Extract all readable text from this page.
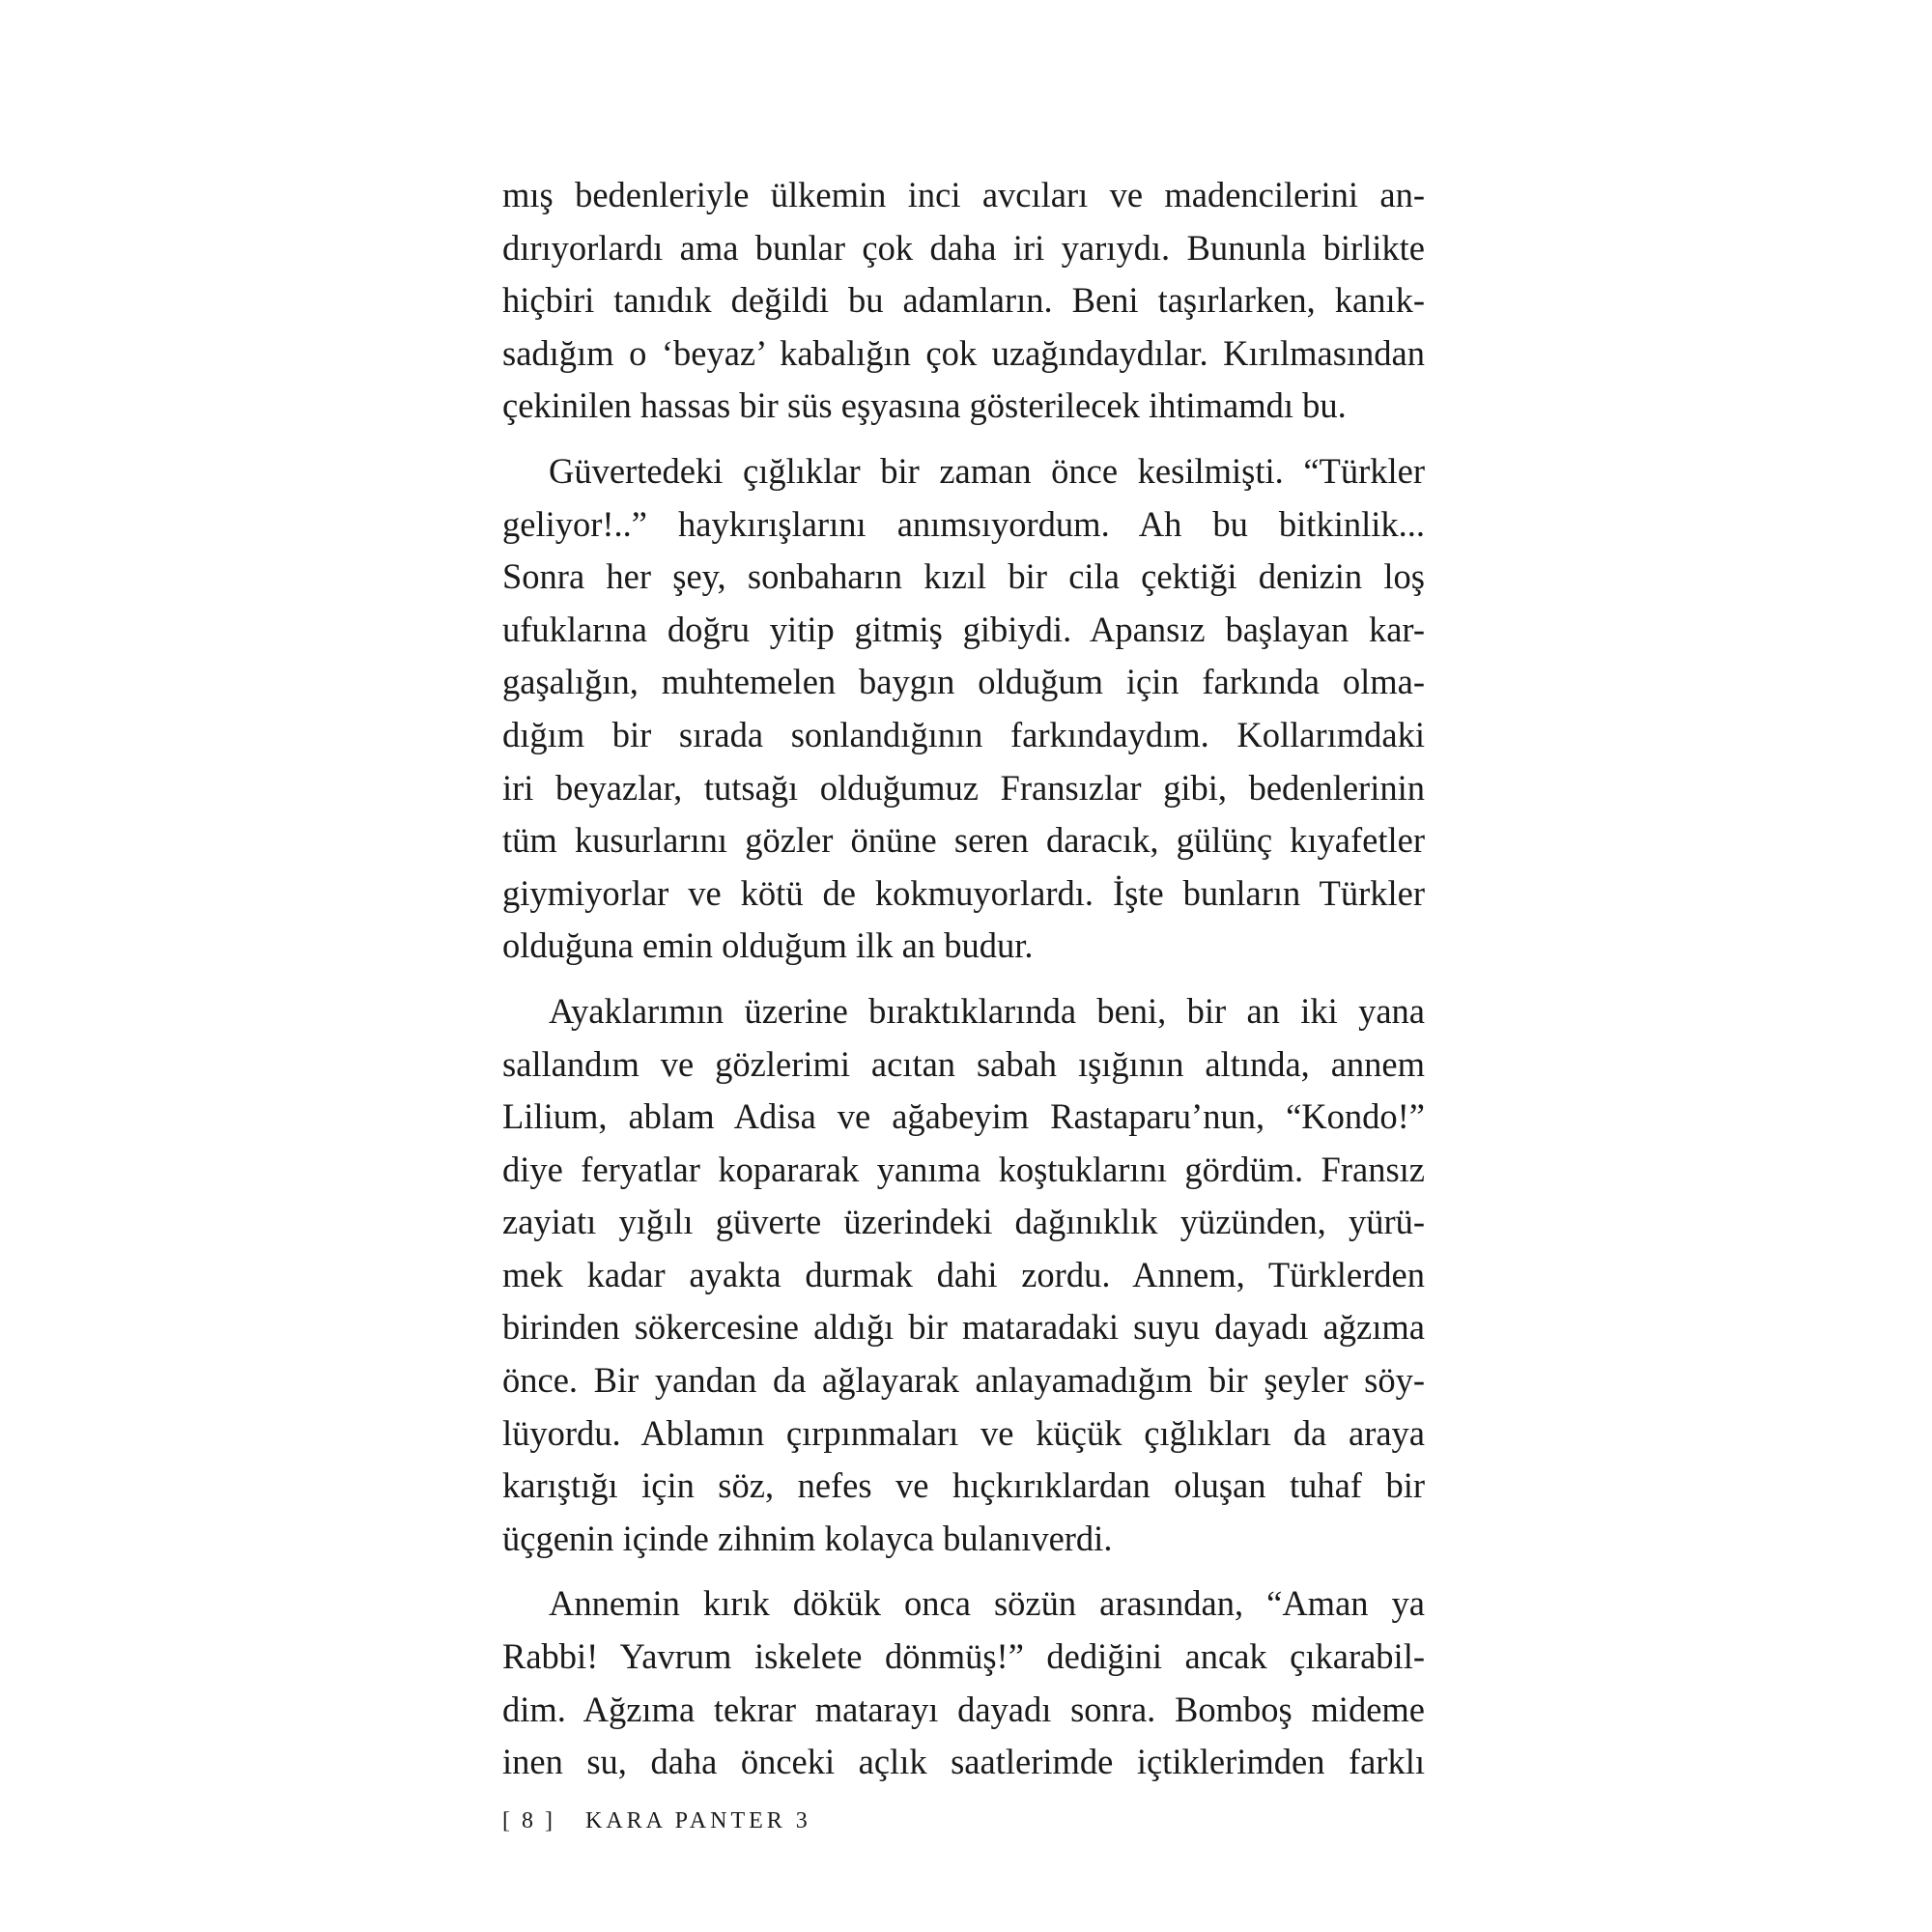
mış bedenleriyle ülkemin inci avcıları ve madencilerini an-
dırıyorlardı ama bunlar çok daha iri yarıydı. Bununla birlikte
hiçbiri tanıdık değildi bu adamların. Beni taşırlarken, kanık-
sadığım o ‘beyaz’ kabalığın çok uzağındaydılar. Kırılmasından
çekinilen hassas bir süs eşyasına gösterilecek ihtimamdı bu.

Güvertedeki çığlıklar bir zaman önce kesilmişti. “Türkler
geliyor!..” haykırışlarını anımsıyordum. Ah bu bitkinlik...
Sonra her şey, sonbaharın kızıl bir cila çektiği denizin loş
ufuklarına doğru yitip gitmiş gibiydi. Apansız başlayan kar-
gaşalığın, muhtemelen baygın olduğum için farkında olma-
dığım bir sırada sonlandığının farkındaydım. Kollarımdaki
iri beyazlar, tutsağı olduğumuz Fransızlar gibi, bedenlerinin
tüm kusurlarını gözler önüne seren daracık, gülünç kıyafetler
giymiyorlar ve kötü de kokmuyorlardı. İşte bunların Türkler
olduğuna emin olduğum ilk an budur.

Ayaklarımın üzerine bıraktıklarında beni, bir an iki yana
sallandım ve gözlerimi acıtan sabah ışığının altında, annem
Lilium, ablam Adisa ve ağabeyim Rastaparu’nun, “Kondo!”
diye feryatlar kopararak yanıma koştuklarını gördüm. Fransız
zayiatı yığılı güverte üzerindeki dağınıklık yüzünden, yürü-
mek kadar ayakta durmak dahi zordu. Annem, Türklerden
birinden sökercesine aldığı bir mataradaki suyu dayadı ağzıma
önce. Bir yandan da ağlayarak anlayamadığım bir şeyler söy-
lüyordu. Ablamın çırpınmaları ve küçük çığlıkları da araya
karıştığı için söz, nefes ve hıçkırıklardan oluşan tuhaf bir
üçgenin içinde zihnim kolayca bulanıverdi.

Annemin kırık dökük onca sözün arasından, “Aman ya
Rabbi! Yavrum iskelete dönmüş!” dediğini ancak çıkarabil-
dim. Ağzıma tekrar matarayı dayadı sonra. Bomboş mideme
inen su, daha önceki açlık saatlerimde içtiklerimden farklı

[ 8 ] KARA PANTER 3
